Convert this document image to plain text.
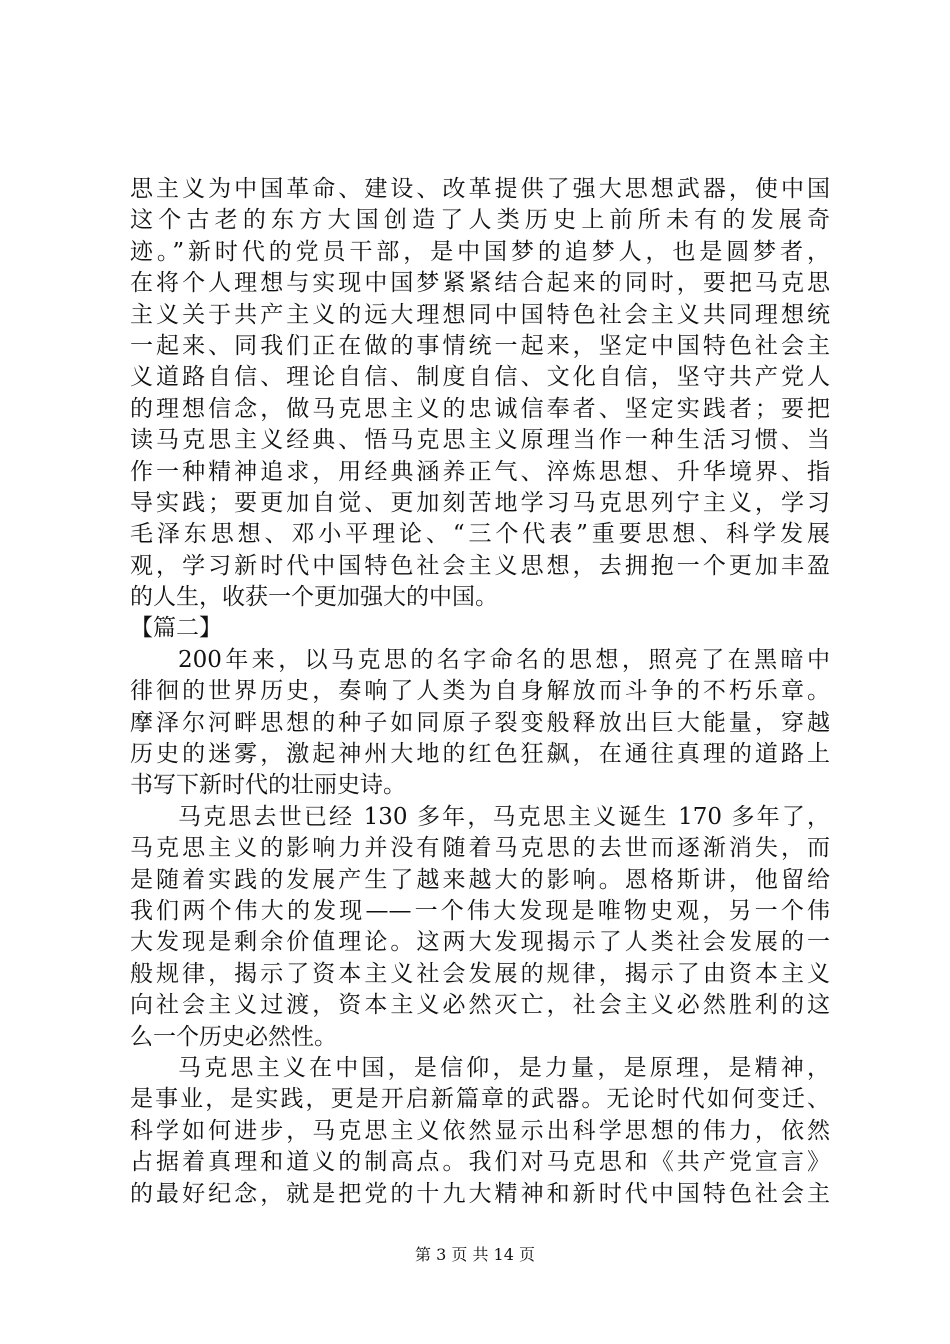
思主义为中国革命、建设、改革提供了强大思想武器，使中国
这个古老的东方大国创造了人类历史上前所未有的发展奇
迹。”新时代的党员干部，是中国梦的追梦人，也是圆梦者，
在将个人理想与实现中国梦紧紧结合起来的同时，要把马克思
主义关于共产主义的远大理想同中国特色社会主义共同理想统
一起来、同我们正在做的事情统一起来，坚定中国特色社会主
义道路自信、理论自信、制度自信、文化自信，坚守共产党人
的理想信念，做马克思主义的忠诚信奉者、坚定实践者；要把
读马克思主义经典、悟马克思主义原理当作一种生活习惯、当
作一种精神追求，用经典涵养正气、淬炼思想、升华境界、指
导实践；要更加自觉、更加刻苦地学习马克思列宁主义，学习
毛泽东思想、邓小平理论、“三个代表”重要思想、科学发展
观，学习新时代中国特色社会主义思想，去拥抱一个更加丰盈
的人生，收获一个更加强大的中国。
【篇二】
200年来，以马克思的名字命名的思想，照亮了在黑暗中
徘徊的世界历史，奏响了人类为自身解放而斗争的不朽乐章。
摩泽尔河畔思想的种子如同原子裂变般释放出巨大能量，穿越
历史的迷雾，激起神州大地的红色狂飙，在通往真理的道路上
书写下新时代的壮丽史诗。
马克思去世已经 130 多年，马克思主义诞生 170 多年了，
马克思主义的影响力并没有随着马克思的去世而逐渐消失，而
是随着实践的发展产生了越来越大的影响。恩格斯讲，他留给
我们两个伟大的发现——一个伟大发现是唯物史观，另一个伟
大发现是剩余价值理论。这两大发现揭示了人类社会发展的一
般规律，揭示了资本主义社会发展的规律，揭示了由资本主义
向社会主义过渡，资本主义必然灭亡，社会主义必然胜利的这
么一个历史必然性。
马克思主义在中国，是信仰，是力量，是原理，是精神，
是事业，是实践，更是开启新篇章的武器。无论时代如何变迁、
科学如何进步，马克思主义依然显示出科学思想的伟力，依然
占据着真理和道义的制高点。我们对马克思和《共产党宣言》
的最好纪念，就是把党的十九大精神和新时代中国特色社会主
第 3 页 共 14 页
